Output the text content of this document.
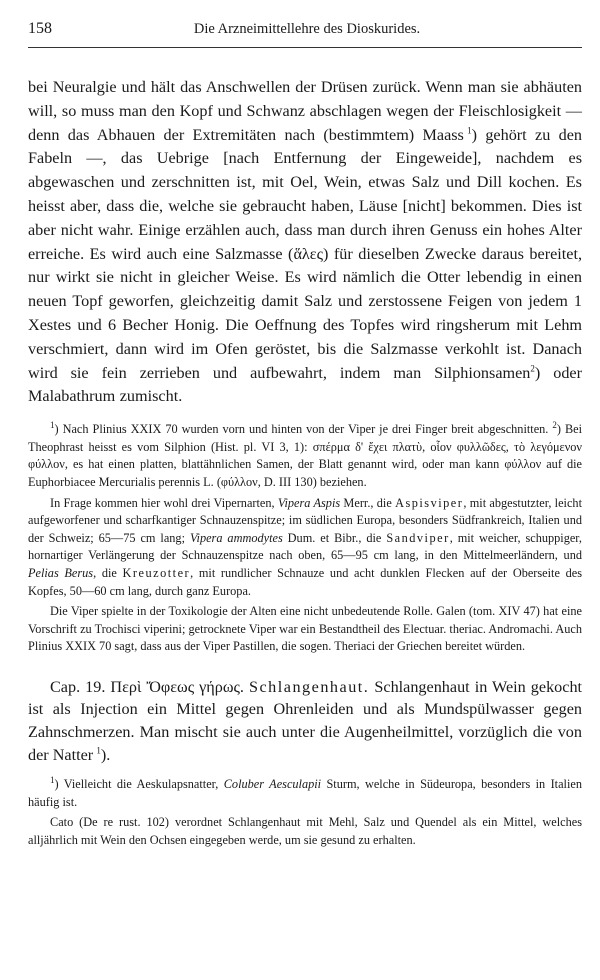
158	Die Arzneimittellehre des Dioskurides.

bei Neuralgie und hält das Anschwellen der Drüsen zurück. Wenn man sie abhäuten will, so muss man den Kopf und Schwanz abschlagen wegen der Fleischlosigkeit — denn das Abhauen der Extremitäten nach (bestimmtem) Maass  $^1$) gehört zu den Fabeln —, das Uebrige [nach Entfernung der Eingeweide], nachdem es abgewaschen und zerschnitten ist, mit Oel, Wein, etwas Salz und Dill kochen. Es heisst aber, dass die, welche sie gebraucht haben, Läuse [nicht] bekommen. Dies ist aber nicht wahr. Einige erzählen auch, dass man durch ihren Genuss ein hohes Alter erreiche. Es wird auch eine Salzmasse (ἅλες) für dieselben Zwecke daraus bereitet, nur wirkt sie nicht in gleicher Weise. Es wird nämlich die Otter lebendig in einen neuen Topf geworfen, gleichzeitig damit Salz und zerstossene Feigen von jedem 1 Xestes und 6 Becher Honig. Die Oeffnung des Topfes wird ringsherum mit Lehm verschmiert, dann wird im Ofen geröstet, bis die Salzmasse verkohlt ist. Danach wird sie fein zerrieben und aufbewahrt, indem man Silphionsamen$^2$) oder Malabathrum zumischt.

$^1$) Nach Plinius XXIX 70 wurden vorn und hinten von der Viper je drei Finger breit abgeschnitten. $^2$) Bei Theophrast heisst es vom Silphion (Hist. pl. VI 3, 1): σπέρμα δ' ἔχει πλατὺ, οἷον φυλλῶδες, τὸ λεγόμενον φύλλον, es hat einen platten, blattähnlichen Samen, der Blatt genannt wird, oder man kann φύλλον auf die Euphorbiacee Mercurialis perennis L. (φύλλον, D. III 130) beziehen.

In Frage kommen hier wohl drei Vipernarten, Vipera Aspis Merr., die Aspisviper, mit abgestutzter, leicht aufgeworfener und scharfkantiger Schnauzenspitze; im südlichen Europa, besonders Südfrankreich, Italien und der Schweiz; 65—75 cm lang; Vipera ammodytes Dum. et Bibr., die Sandviper, mit weicher, schuppiger, hornartiger Verlängerung der Schnauzenspitze nach oben, 65—95 cm lang, in den Mittelmeerländern, und Pelias Berus, die Kreuzotter, mit rundlicher Schnauze und acht dunklen Flecken auf der Oberseite des Kopfes, 50—60 cm lang, durch ganz Europa.

Die Viper spielte in der Toxikologie der Alten eine nicht unbedeutende Rolle. Galen (tom. XIV 47) hat eine Vorschrift zu Trochisci viperini; getrocknete Viper war ein Bestandtheil des Electuar. theriac. Andromachi. Auch Plinius XXIX 70 sagt, dass aus der Viper Pastillen, die sogen. Theriaci der Griechen bereitet würden.

Cap. 19. Περὶ Ὄφεως γήρως. Schlangenhaut. Schlangenhaut in Wein gekocht ist als Injection ein Mittel gegen Ohrenleiden und als Mundspülwasser gegen Zahnschmerzen. Man mischt sie auch unter die Augenheilmittel, vorzüglich die von der Natter  $^1$).

$^1$) Vielleicht die Aeskulapsnatter, Coluber Aesculapii Sturm, welche in Südeuropa, besonders in Italien häufig ist.

Cato (De re rust. 102) verordnet Schlangenhaut mit Mehl, Salz und Quendel als ein Mittel, welches alljährlich mit Wein den Ochsen eingegeben werde, um sie gesund zu erhalten.
